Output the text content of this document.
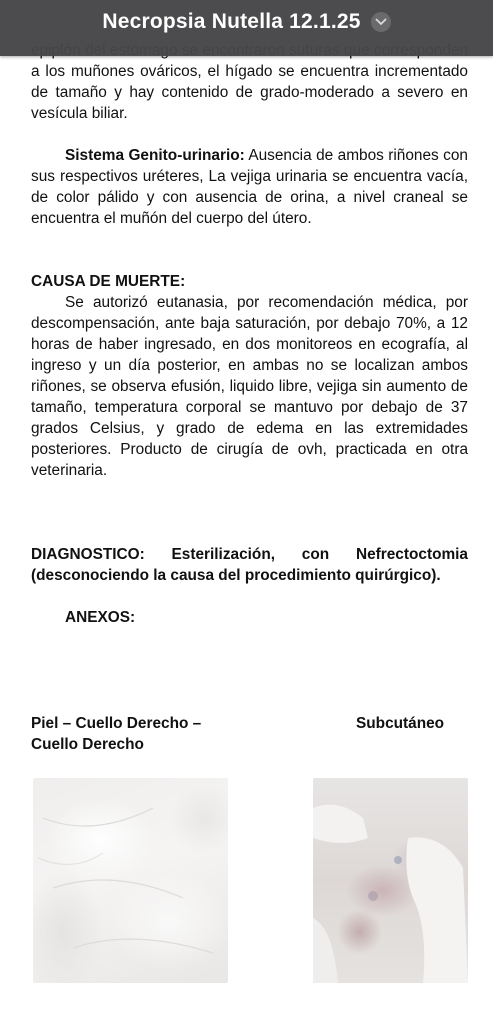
Necropsia Nutella 12.1.25

a los muñones ováricos, el hígado se encuentra incrementado de tamaño y hay contenido de grado-moderado a severo en vesícula biliar.

Sistema Genito-urinario: Ausencia de ambos riñones con sus respectivos uréteres, La vejiga urinaria se encuentra vacía, de color pálido y con ausencia de orina, a nivel craneal se encuentra el muñón del cuerpo del útero.

CAUSA DE MUERTE:

Se autorizó eutanasia, por recomendación médica, por descompensación, ante baja saturación, por debajo 70%, a 12 horas de haber ingresado, en dos monitoreos en ecografía, al ingreso y un día posterior, en ambas no se localizan ambos riñones, se observa efusión, liquido libre, vejiga sin aumento de tamaño, temperatura corporal se mantuvo por debajo de 37 grados Celsius, y grado de edema en las extremidades posteriores. Producto de cirugía de ovh, practicada en otra veterinaria.

DIAGNOSTICO: Esterilización, con Nefrectoctomia (desconociendo la causa del procedimiento quirúrgico).

ANEXOS:

Piel – Cuello Derecho – Cuello Derecho
Subcutáneo
